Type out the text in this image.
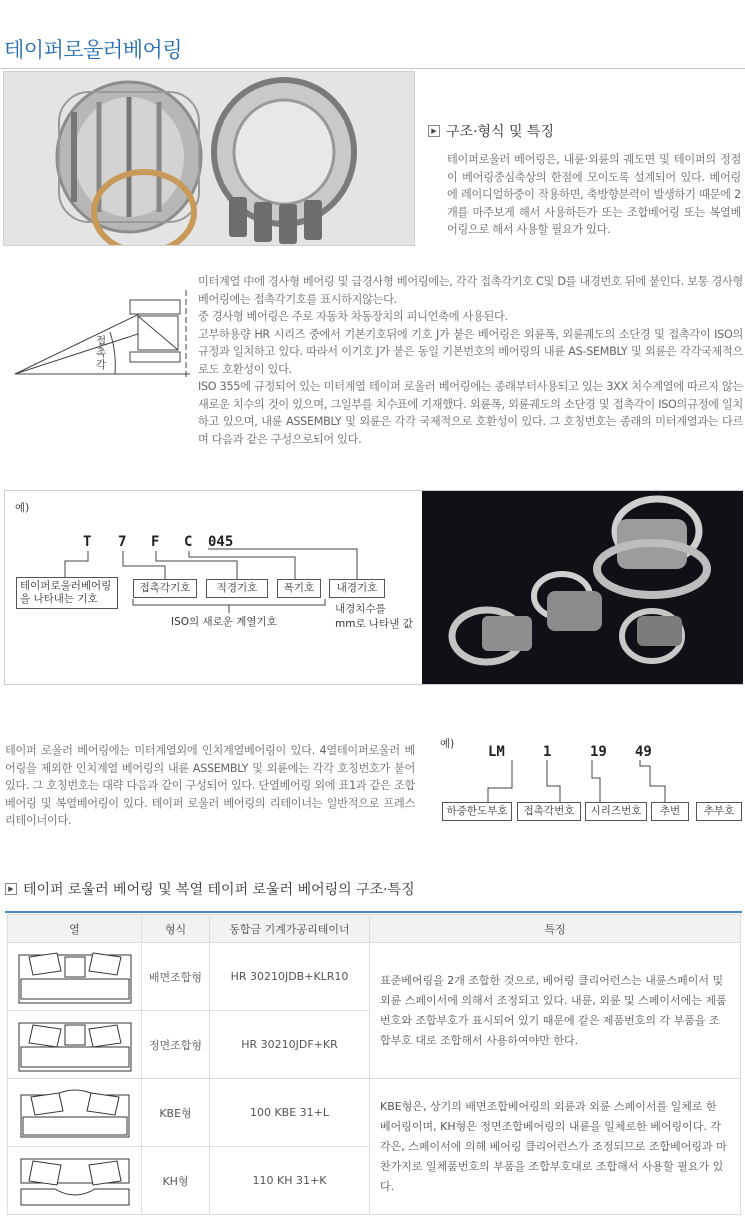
테이퍼로울러베어링
▶ 구조·형식 및 특징
테이퍼로울러 베어링은, 내륜·외륜의 궤도면 및 테이퍼의 정점이 베어링중심축상의 한점에 모이도록 설계되어 있다. 베어링에 레이디얼하중이 작용하면, 축방향분력이 발생하기 때문에 2개를 마주보게 해서 사용하든가 또는 조합베어링 또는 복열베어링으로 해서 사용할 필요가 있다.
접촉각

미터계열 中에 경사형 베어링 및 급경사형 베어링에는, 각각 접촉각기호 C및 D를 내경번호 뒤에 붙인다. 보통 경사형 베어링에는 접촉각기호를 표시하지않는다.

중 경사형 베어링은 주로 자동차 차동장치의 피니언축에 사용된다.

고부하용량 HR 시리즈 중에서 기본기호뒤에 기호 J가 붙은 베어링은 외륜폭, 외륜궤도의 소단경 및 접촉각이 ISO의 규정과 일치하고 있다. 따라서 이기호 J가 붙은 동일 기본번호의 베어링의 내륜 AS-SEMBLY 및 외륜은 각각국제적으로도 호환성이 있다.

ISO 355에 규정되어 있는 미터계열 테이퍼 로울러 베어링에는 종래부터사용되고 있는 3XX 치수계열에 따르지 않는 새로운 치수의 것이 있으며, 그일부를 치수표에 기재했다. 외륜폭, 외륜궤도의 소단경 및 접촉각이 ISO의규정에 일치하고 있으며, 내륜 ASSEMBLY 및 외륜은 각각 국제적으로 호환성이 있다. 그 호칭번호는 종래의 미터계열과는 다르며 다음과 같은 구성으로되어 있다.

예)
T 7 F C 045
테이퍼로울러베어링
을 나타내는 기호
접촉각기호	직경기호	폭기호	내경기호
ISO의 새로운 계열기호
내경치수를
mm로 나타낸 값
테이퍼 로울러 베어링에는 미터계열외에 인치계열베어링이 있다. 4열테이퍼로울러 베어링을 제외한 인치계열 베어링의 내륜 ASSEMBLY 및 외륜에는 각각 호칭번호가 붙어 있다. 그 호칭번호는 대략 다음과 같이 구성되어 있다. 단열베어링 외에 표1과 같은 조합베어링 및 복열베어링이 있다. 테이퍼 로울러 베어링의 리테이너는 일반적으로 프레스 리테이너이다.
예) LM	1	19 49
하중한도부호	접촉각번호	시리즈번호	추번	추부호
▶ 테이퍼 로울러 베어링 및 복열 테이퍼 로울러 베어링의 구조·특징
열	형식	동합금 기계가공리테이너	특징
	배면조합형	HR 30210JDB+KLR10	표준베어링을 2개 조합한 것으로, 베어링 클리어런스는 내륜스페이서 및 외륜 스페이서에 의해서 조정되고 있다. 내륜, 외륜 및 스페이서에는 제품번호와 조합부호가 표시되어 있기 때문에 같은 제품번호의 각 부품을 조합부호 대로 조합해서 사용하여야만 한다.
	정면조합형	HR 30210JDF+KR	
	KBE형	100 KBE 31+L	KBE형은, 상기의 배면조합베어링의 외륜과 외륜 스페이서를 일체로 한 베어링이며, KH형은 정면조합베어링의 내륜을 일체로한 베어링이다. 각각은, 스페이서에 의해 베어링 클리어런스가 조정되므로 조합베어링과 마찬가지로 일체품번호의 부품을 조합부호대로 조합해서 사용할 필요가 있다.
	KH형	110 KH 31+K	
